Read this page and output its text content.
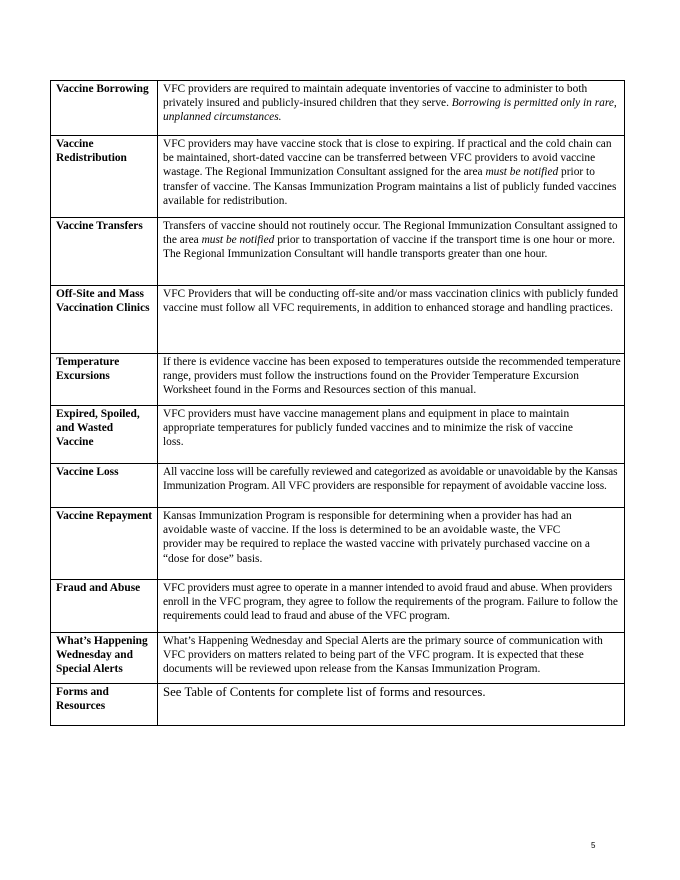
Vaccine Borrowing	VFC providers are required to maintain adequate inventories of vaccine to administer to both privately insured and publicly-insured children that they serve. Borrowing is permitted only in rare, unplanned circumstances.
Vaccine Redistribution	VFC providers may have vaccine stock that is close to expiring. If practical and the cold chain can be maintained, short-dated vaccine can be transferred between VFC providers to avoid vaccine wastage. The Regional Immunization Consultant assigned for the area must be notified prior to transfer of vaccine. The Kansas Immunization Program maintains a list of publicly funded vaccines available for redistribution.
Vaccine Transfers	Transfers of vaccine should not routinely occur. The Regional Immunization Consultant assigned to the area must be notified prior to transportation of vaccine if the transport time is one hour or more. The Regional Immunization Consultant will handle transports greater than one hour.
Off-Site and Mass Vaccination Clinics	VFC Providers that will be conducting off-site and/or mass vaccination clinics with publicly funded vaccine must follow all VFC requirements, in addition to enhanced storage and handling practices.
Temperature Excursions	If there is evidence vaccine has been exposed to temperatures outside the recommended temperature range, providers must follow the instructions found on the Provider Temperature Excursion Worksheet found in the Forms and Resources section of this manual.
Expired, Spoiled, and Wasted Vaccine	VFC providers must have vaccine management plans and equipment in place to maintain appropriate temperatures for publicly funded vaccines and to minimize the risk of vaccine loss.
Vaccine Loss	All vaccine loss will be carefully reviewed and categorized as avoidable or unavoidable by the Kansas Immunization Program. All VFC providers are responsible for repayment of avoidable vaccine loss.
Vaccine Repayment	Kansas Immunization Program is responsible for determining when a provider has had an avoidable waste of vaccine. If the loss is determined to be an avoidable waste, the VFC provider may be required to replace the wasted vaccine with privately purchased vaccine on a “dose for dose” basis.
Fraud and Abuse	VFC providers must agree to operate in a manner intended to avoid fraud and abuse. When providers enroll in the VFC program, they agree to follow the requirements of the program. Failure to follow the requirements could lead to fraud and abuse of the VFC program.
What’s Happening Wednesday and Special Alerts	What’s Happening Wednesday and Special Alerts are the primary source of communication with VFC providers on matters related to being part of the VFC program. It is expected that these documents will be reviewed upon release from the Kansas Immunization Program.
Forms and Resources	See Table of Contents for complete list of forms and resources.
5
